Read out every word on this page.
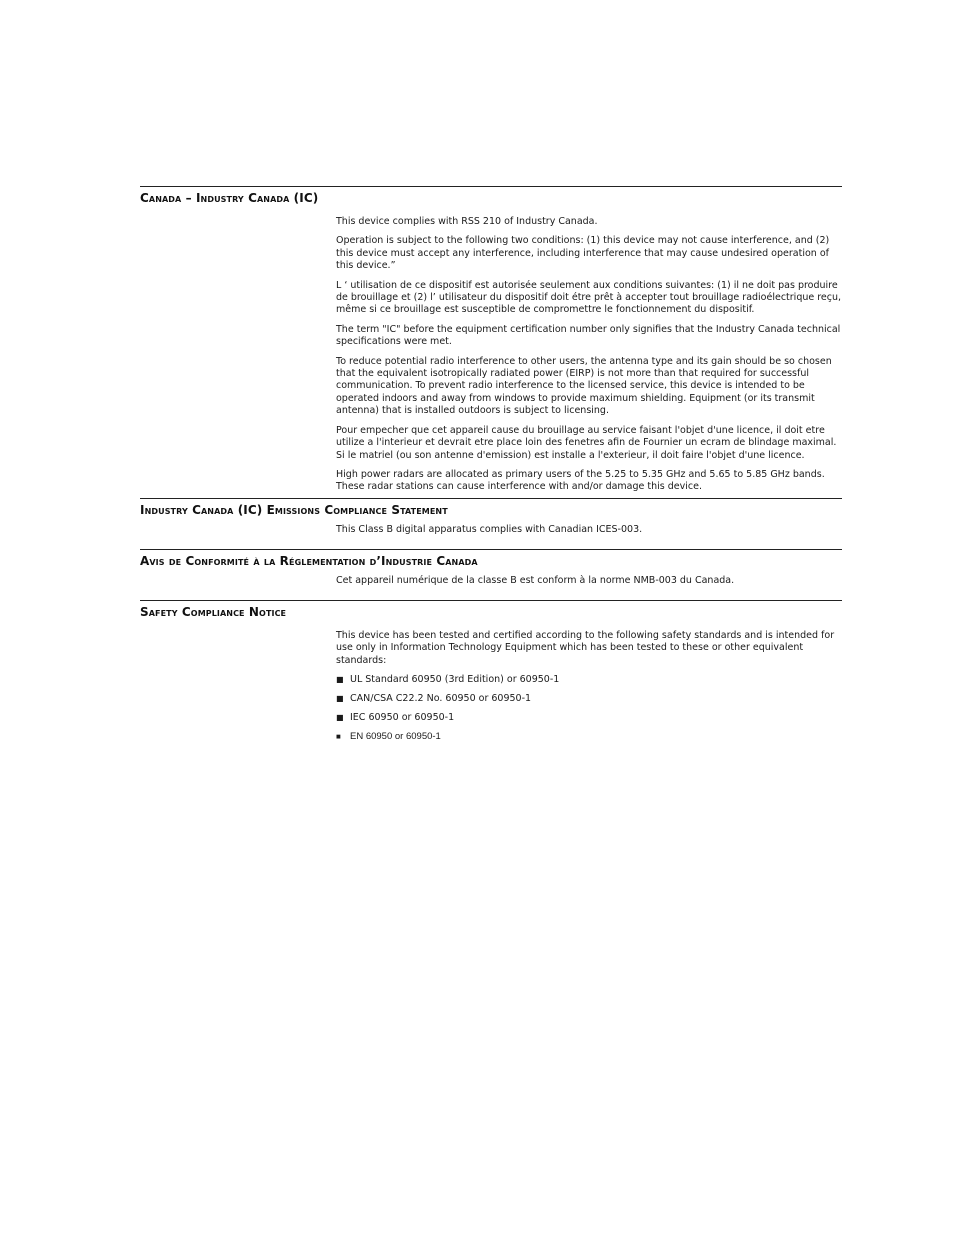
Canada – Industry Canada (IC)

This device complies with RSS 210 of Industry Canada.

Operation is subject to the following two conditions: (1) this device may not cause interference, and (2) this device must accept any interference, including interference that may cause undesired operation of this device.”

L ‘ utilisation de ce dispositif est autorisée seulement aux conditions suivantes: (1) il ne doit pas produire de brouillage et (2) l’ utilisateur du dispositif doit étre prêt à accepter tout brouillage radioélectrique reçu, même si ce brouillage est susceptible de compromettre le fonctionnement du dispositif.

The term "IC" before the equipment certification number only signifies that the Industry Canada technical specifications were met.

To reduce potential radio interference to other users, the antenna type and its gain should be so chosen that the equivalent isotropically radiated power (EIRP) is not more than that required for successful communication. To prevent radio interference to the licensed service, this device is intended to be operated indoors and away from windows to provide maximum shielding. Equipment (or its transmit antenna) that is installed outdoors is subject to licensing.

Pour empecher que cet appareil cause du brouillage au service faisant l'objet d'une licence, il doit etre utilize a l'interieur et devrait etre place loin des fenetres afin de Fournier un ecram de blindage maximal. Si le matriel (ou son antenne d'emission) est installe a l'exterieur, il doit faire l'objet d'une licence.

High power radars are allocated as primary users of the 5.25 to 5.35 GHz and 5.65 to 5.85 GHz bands. These radar stations can cause interference with and/or damage this device.

Industry Canada (IC) Emissions Compliance Statement

This Class B digital apparatus complies with Canadian ICES-003.

Avis de Conformité à la Réglementation d’Industrie Canada

Cet appareil numérique de la classe B est conform à la norme NMB-003 du Canada.

Safety Compliance Notice

This device has been tested and certified according to the following safety standards and is intended for use only in Information Technology Equipment which has been tested to these or other equivalent standards:

■ UL Standard 60950 (3rd Edition) or 60950-1
■ CAN/CSA C22.2 No. 60950 or 60950-1
■ IEC 60950 or 60950-1
■ EN 60950 or 60950-1
